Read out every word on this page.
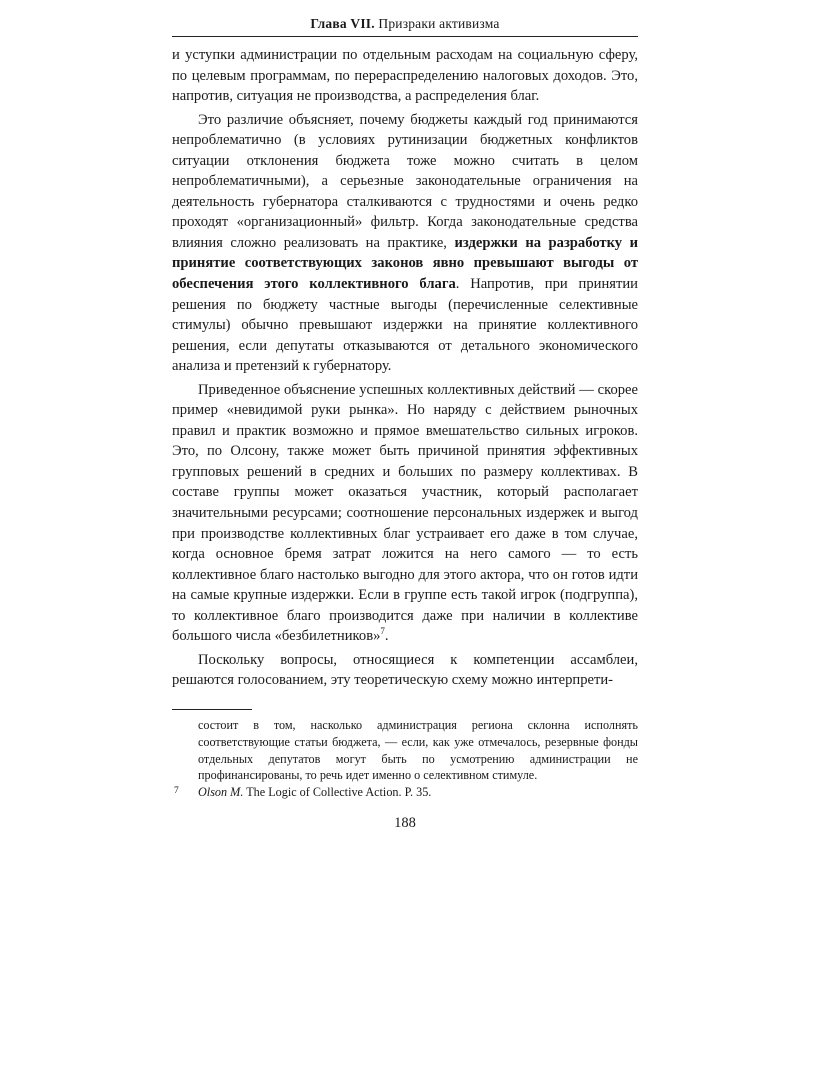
Глава VII. Призраки активизма

и уступки администрации по отдельным расходам на социальную сферу, по целевым программам, по перераспределению налоговых доходов. Это, напротив, ситуация не производства, а распределения благ.

Это различие объясняет, почему бюджеты каждый год принимаются непроблематично (в условиях рутинизации бюджетных конфликтов ситуации отклонения бюджета тоже можно считать в целом непроблематичными), а серьезные законодательные ограничения на деятельность губернатора сталкиваются с трудностями и очень редко проходят «организационный» фильтр. Когда законодательные средства влияния сложно реализовать на практике, издержки на разработку и принятие соответствующих законов явно превышают выгоды от обеспечения этого коллективного блага. Напротив, при принятии решения по бюджету частные выгоды (перечисленные селективные стимулы) обычно превышают издержки на принятие коллективного решения, если депутаты отказываются от детального экономического анализа и претензий к губернатору.

Приведенное объяснение успешных коллективных действий — скорее пример «невидимой руки рынка». Но наряду с действием рыночных правил и практик возможно и прямое вмешательство сильных игроков. Это, по Олсону, также может быть причиной принятия эффективных групповых решений в средних и больших по размеру коллективах. В составе группы может оказаться участник, который располагает значительными ресурсами; соотношение персональных издержек и выгод при производстве коллективных благ устраивает его даже в том случае, когда основное бремя затрат ложится на него самого — то есть коллективное благо настолько выгодно для этого актора, что он готов идти на самые крупные издержки. Если в группе есть такой игрок (подгруппа), то коллективное благо производится даже при наличии в коллективе большого числа «безбилетников»$^7$.

Поскольку вопросы, относящиеся к компетенции ассамблеи, решаются голосованием, эту теоретическую схему можно интерпрети-

состоит в том, насколько администрация региона склонна исполнять соответствующие статьи бюджета, — если, как уже отмечалось, резервные фонды отдельных депутатов могут быть по усмотрению администрации не профинансированы, то речь идет именно о селективном стимуле.

7 Olson M. The Logic of Collective Action. P. 35.

188
